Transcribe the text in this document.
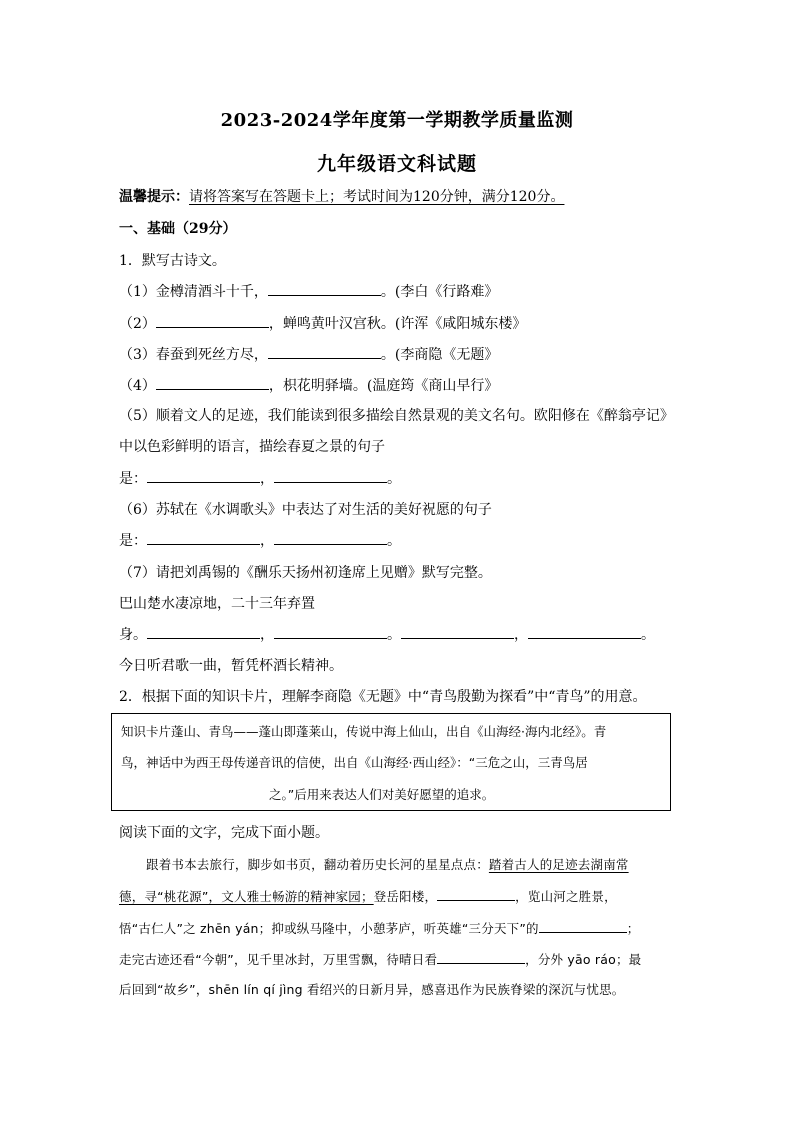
2023-2024学年度第一学期教学质量监测
九年级语文科试题
温馨提示：请将答案写在答题卡上；考试时间为120分钟，满分120分。
一、基础（29分）
1．默写古诗文。
（1）金樽清酒斗十千，	。(李白《行路难》
（2）	，蝉鸣黄叶汉宫秋。(许浑《咸阳城东楼》
（3）春蚕到死丝方尽，	。(李商隐《无题》
（4）	，枳花明驿墙。(温庭筠《商山早行》
（5）顺着文人的足迹，我们能读到很多描绘自然景观的美文名句。欧阳修在《醉翁亭记》
中以色彩鲜明的语言，描绘春夏之景的句子
是：	，	。
（6）苏轼在《水调歌头》中表达了对生活的美好祝愿的句子
是：	，	。
（7）请把刘禹锡的《酬乐天扬州初逢席上见赠》默写完整。
巴山楚水凄凉地，二十三年弃置
身。	，	。	，	。
今日听君歌一曲，暂凭杯酒长精神。
2．根据下面的知识卡片，理解李商隐《无题》中“青鸟殷勤为探看”中“青鸟”的用意。
知识卡片蓬山、青鸟——蓬山即蓬莱山，传说中海上仙山，出自《山海经·海内北经》。青
鸟，神话中为西王母传递音讯的信使，出自《山海经·西山经》：“三危之山，三青鸟居
之。”后用来表达人们对美好愿望的追求。
阅读下面的文字，完成下面小题。
跟着书本去旅行，脚步如书页，翻动着历史长河的星星点点：踏着古人的足迹去湖南常
德，寻“桃花源”，文人雅士畅游的精神家园；登岳阳楼，	，览山河之胜景，
悟“古仁人”之 zhēn yán；抑或纵马隆中，小憩茅庐，听英雄“三分天下”的	；
走完古迹还看“今朝”，见千里冰封，万里雪飘，待晴日看	，分外 yāo ráo；最
后回到“故乡”，shēn lín qí jìng 看绍兴的日新月异，感喜迅作为民族脊梁的深沉与忧思。
